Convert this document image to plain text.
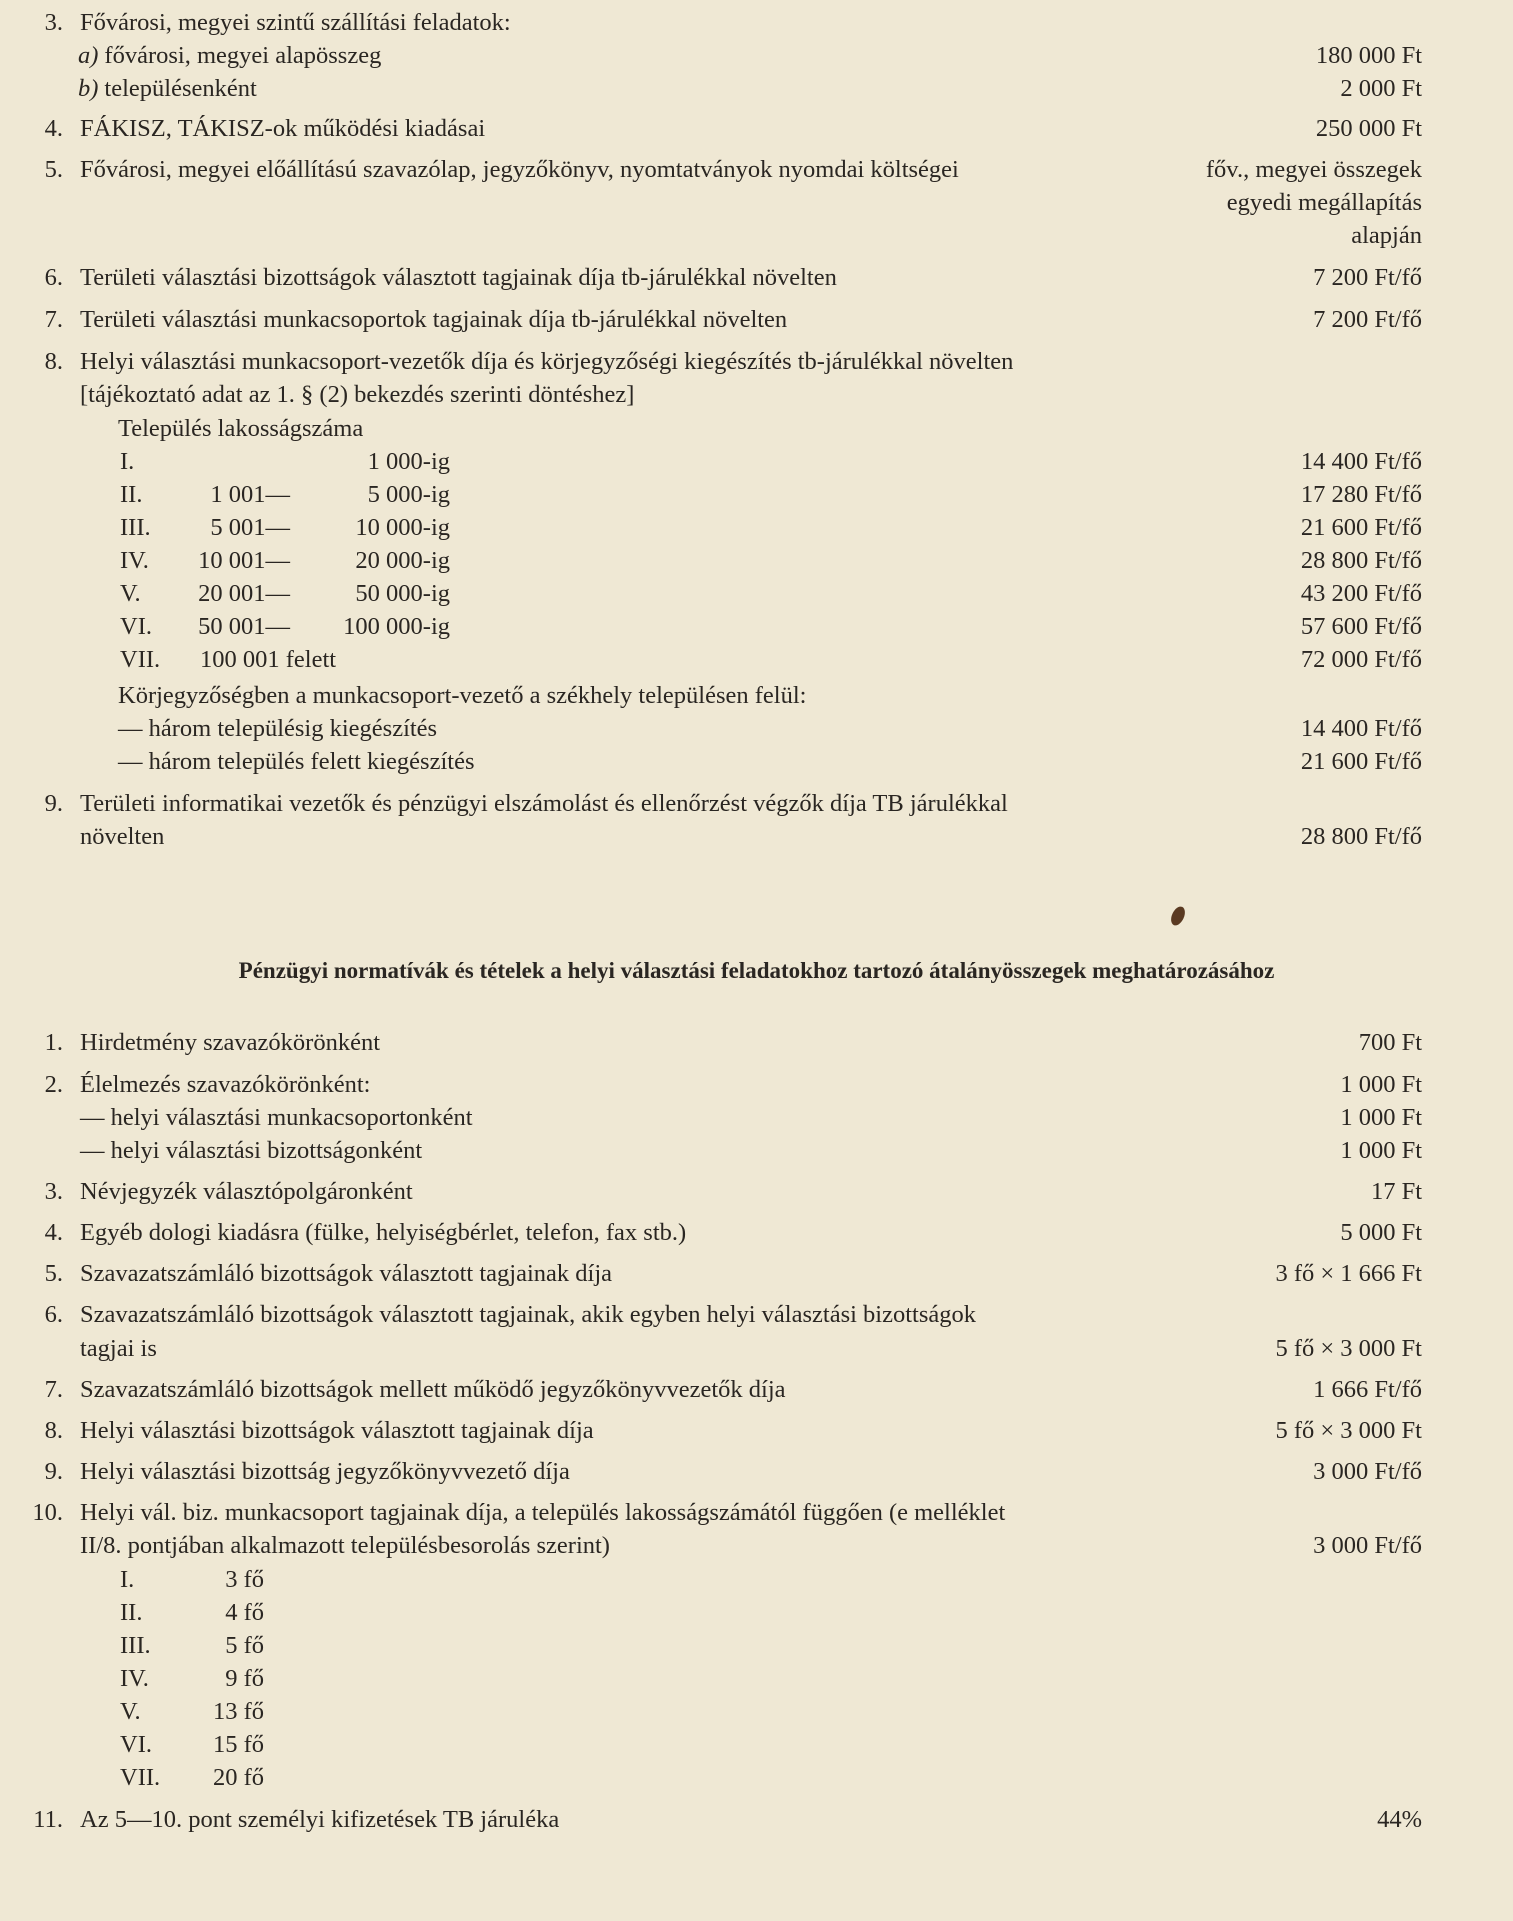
3. Fővárosi, megyei szintű szállítási feladatok:
a) fővárosi, megyei alapösszeg	180 000 Ft
b) településenként	2 000 Ft
4. FÁKISZ, TÁKISZ-ok működési kiadásai	250 000 Ft
5. Fővárosi, megyei előállítású szavazólap, jegyzőkönyv, nyomtatványok nyomdai költségei	főv., megyei összegek
egyedi megállapítás
alapján
6. Területi választási bizottságok választott tagjainak díja tb-járulékkal növelten	7 200 Ft/fő
7. Területi választási munkacsoportok tagjainak díja tb-járulékkal növelten	7 200 Ft/fő
8. Helyi választási munkacsoport-vezetők díja és körjegyzőségi kiegészítés tb-járulékkal növelten
[tájékoztató adat az 1. § (2) bekezdés szerinti döntéshez]
Település lakosságszáma
I.	1 000-ig	14 400 Ft/fő
II.	1 001—	5 000-ig	17 280 Ft/fő
III.	5 001—	10 000-ig	21 600 Ft/fő
IV.	10 001—	20 000-ig	28 800 Ft/fő
V.	20 001—	50 000-ig	43 200 Ft/fő
VI.	50 001—	100 000-ig	57 600 Ft/fő
VII. 100 001 felett	72 000 Ft/fő
Körjegyzőségben a munkacsoport-vezető a székhely településen felül:
— három településig kiegészítés	14 400 Ft/fő
— három település felett kiegészítés	21 600 Ft/fő
9. Területi informatikai vezetők és pénzügyi elszámolást és ellenőrzést végzők díja TB járulékkal
növelten	28 800 Ft/fő
Pénzügyi normatívák és tételek a helyi választási feladatokhoz tartozó átalányösszegek meghatározásához
1. Hirdetmény szavazókörönként	700 Ft
2. Élelmezés szavazókörönként:	1 000 Ft
— helyi választási munkacsoportonként	1 000 Ft
— helyi választási bizottságonként	1 000 Ft
3. Névjegyzék választópolgáronként	17 Ft
4. Egyéb dologi kiadásra (fülke, helyiségbérlet, telefon, fax stb.)	5 000 Ft
5. Szavazatszámláló bizottságok választott tagjainak díja	3 fő × 1 666 Ft
6. Szavazatszámláló bizottságok választott tagjainak, akik egyben helyi választási bizottságok
tagjai is	5 fő × 3 000 Ft
7. Szavazatszámláló bizottságok mellett működő jegyzőkönyvvezetők díja	1 666 Ft/fő
8. Helyi választási bizottságok választott tagjainak díja	5 fő × 3 000 Ft
9. Helyi választási bizottság jegyzőkönyvvezető díja	3 000 Ft/fő
10. Helyi vál. biz. munkacsoport tagjainak díja, a település lakosságszámától függően (e melléklet
II/8. pontjában alkalmazott településbesorolás szerint)	3 000 Ft/fő
I.	3 fő
II.	4 fő
III.	5 fő
IV.	9 fő
V.	13 fő
VI.	15 fő
VII.	20 fő
11. Az 5—10. pont személyi kifizetések TB járuléka	44%
